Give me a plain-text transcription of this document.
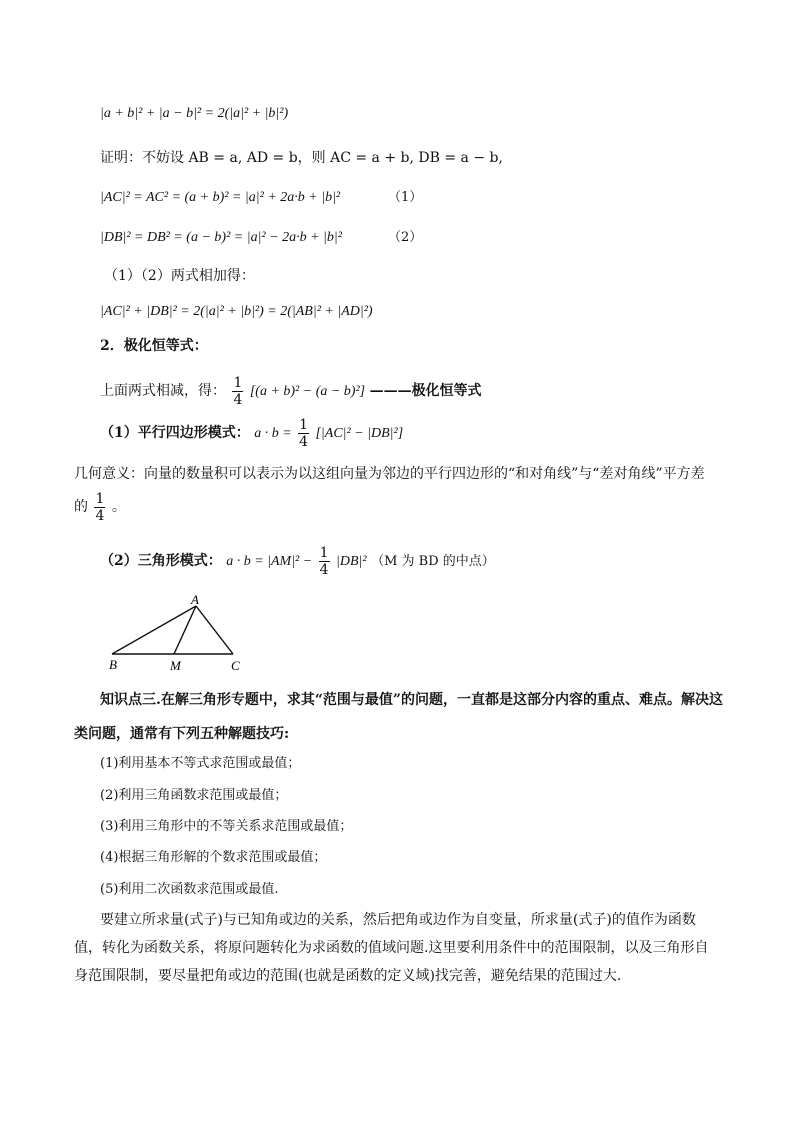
|a + b|² + |a − b|² = 2(|a|² + |b|²)
证明：不妨设 AB = a, AD = b，则 AC = a + b, DB = a − b,
|AC|² = AC² = (a + b)² = |a|² + 2a·b + |b|²	（1）
|DB|² = DB² = (a − b)² = |a|² − 2a·b + |b|²	（2）
（1）（2）两式相加得：
|AC|² + |DB|² = 2(|a|² + |b|²) = 2(|AB|² + |AD|²)
2．极化恒等式：
上面两式相减，得： $\frac{1}{4} [(a + b)^2 - (a - b)^2]$ ———极化恒等式
（1）平行四边形模式： $a \cdot b = \frac{1}{4} [|AC|^2 - |DB|^2]$
几何意义：向量的数量积可以表示为以这组向量为邻边的平行四边形的“和对角线”与“差对角线”平方差
的 $\frac{1}{4}$ 。
（2）三角形模式： $a \cdot b = |AM|^2 - \frac{1}{4} |DB|^2$ （M 为 BD 的中点）
A
B	M	C
知识点三.在解三角形专题中，求其“范围与最值”的问题，一直都是这部分内容的重点、难点。解决这
类问题，通常有下列五种解题技巧:
(1)利用基本不等式求范围或最值；
(2)利用三角函数求范围或最值；
(3)利用三角形中的不等关系求范围或最值；
(4)根据三角形解的个数求范围或最值；
(5)利用二次函数求范围或最值.
要建立所求量(式子)与已知角或边的关系，然后把角或边作为自变量，所求量(式子)的值作为函数值，转化为函数关系，将原问题转化为求函数的值域问题.这里要利用条件中的范围限制，以及三角形自身范围限制，要尽量把角或边的范围(也就是函数的定义域)找完善，避免结果的范围过大.
